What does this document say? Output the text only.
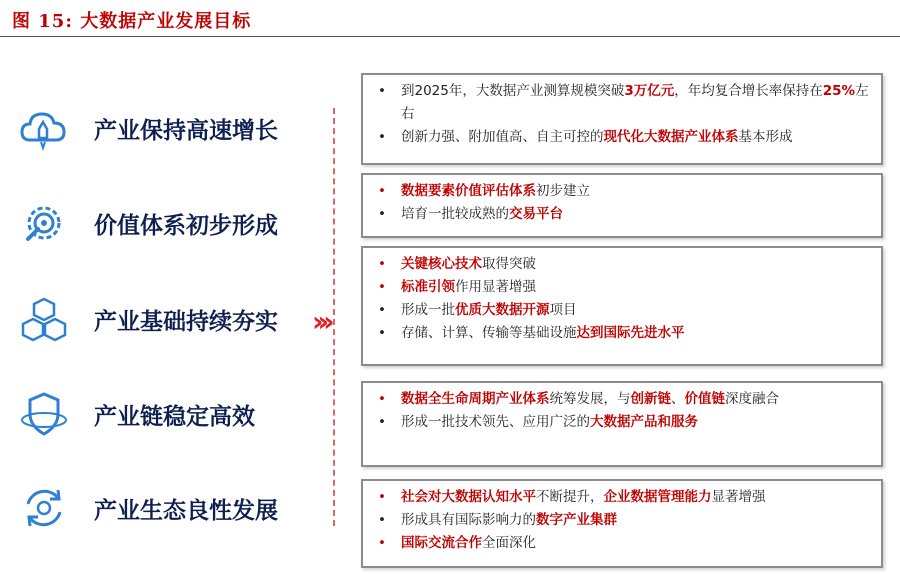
图 15: 大数据产业发展目标
产业保持高速增长
价值体系初步形成
产业基础持续夯实
产业链稳定高效
产业生态良性发展
›››
• 到2025年，大数据产业测算规模突破3万亿元，年均复合增长率保持在25%左右
• 创新力强、附加值高、自主可控的现代化大数据产业体系基本形成
• 数据要素价值评估体系初步建立
• 培育一批较成熟的交易平台
• 关键核心技术取得突破
• 标准引领作用显著增强
• 形成一批优质大数据开源项目
• 存储、计算、传输等基础设施达到国际先进水平
• 数据全生命周期产业体系统筹发展，与创新链、价值链深度融合
• 形成一批技术领先、应用广泛的大数据产品和服务
• 社会对大数据认知水平不断提升，企业数据管理能力显著增强
• 形成具有国际影响力的数字产业集群
• 国际交流合作全面深化
